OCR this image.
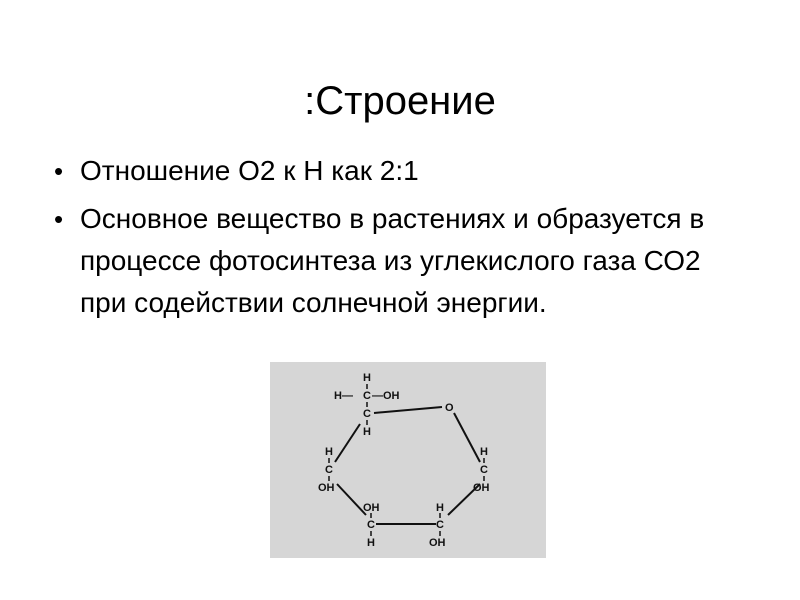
:Строение
• Отношение О2 к Н как 2:1
• Основное вещество в растениях и образуется в процессе фотосинтеза из углекислого газа СО2 при содействии солнечной энергии.
H
H— C —OH
C
H
O
H
C
OH
H
C
OH
OH
C
H
H
C
OH
